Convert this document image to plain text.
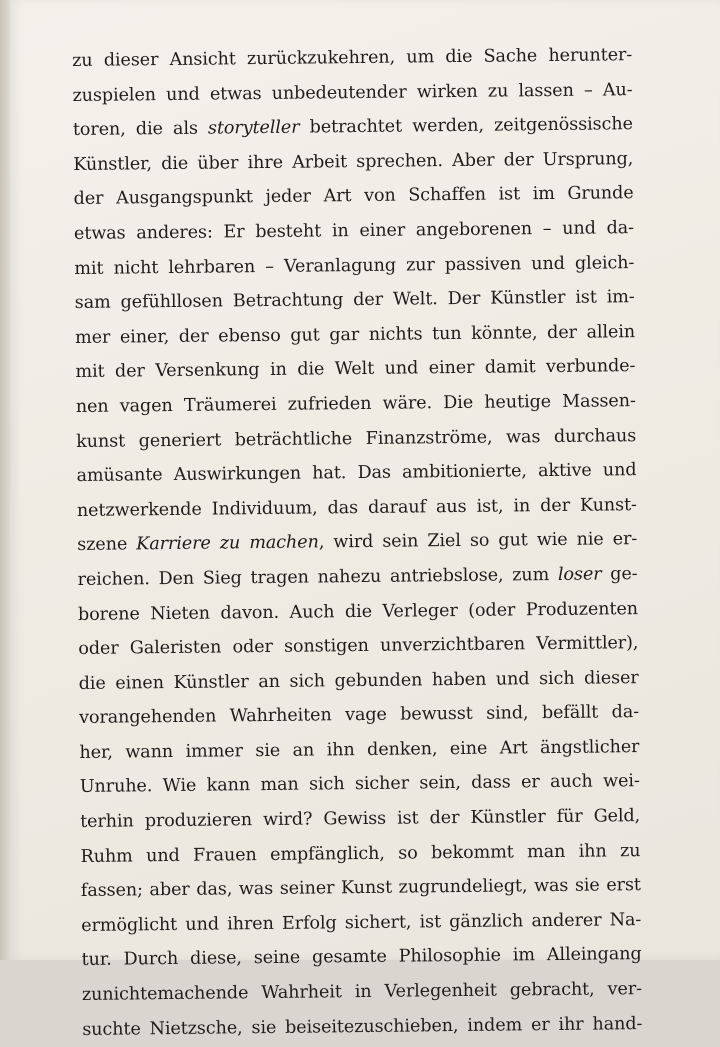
zu dieser Ansicht zurückzukehren, um die Sache herunter-
zuspielen und etwas unbedeutender wirken zu lassen – Au-
toren, die als storyteller betrachtet werden, zeitgenössische
Künstler, die über ihre Arbeit sprechen. Aber der Ursprung,
der Ausgangspunkt jeder Art von Schaffen ist im Grunde
etwas anderes: Er besteht in einer angeborenen – und da-
mit nicht lehrbaren – Veranlagung zur passiven und gleich-
sam gefühllosen Betrachtung der Welt. Der Künstler ist im-
mer einer, der ebenso gut gar nichts tun könnte, der allein
mit der Versenkung in die Welt und einer damit verbunde-
nen vagen Träumerei zufrieden wäre. Die heutige Massen-
kunst generiert beträchtliche Finanzströme, was durchaus
amüsante Auswirkungen hat. Das ambitionierte, aktive und
netzwerkende Individuum, das darauf aus ist, in der Kunst-
szene Karriere zu machen, wird sein Ziel so gut wie nie er-
reichen. Den Sieg tragen nahezu antriebslose, zum loser ge-
borene Nieten davon. Auch die Verleger (oder Produzenten
oder Galeristen oder sonstigen unverzichtbaren Vermittler),
die einen Künstler an sich gebunden haben und sich dieser
vorangehenden Wahrheiten vage bewusst sind, befällt da-
her, wann immer sie an ihn denken, eine Art ängstlicher
Unruhe. Wie kann man sich sicher sein, dass er auch wei-
terhin produzieren wird? Gewiss ist der Künstler für Geld,
Ruhm und Frauen empfänglich, so bekommt man ihn zu
fassen; aber das, was seiner Kunst zugrundeliegt, was sie erst
ermöglicht und ihren Erfolg sichert, ist gänzlich anderer Na-
tur. Durch diese, seine gesamte Philosophie im Alleingang
zunichtemachende Wahrheit in Verlegenheit gebracht, ver-
suchte Nietzsche, sie beiseitezuschieben, indem er ihr hand-
